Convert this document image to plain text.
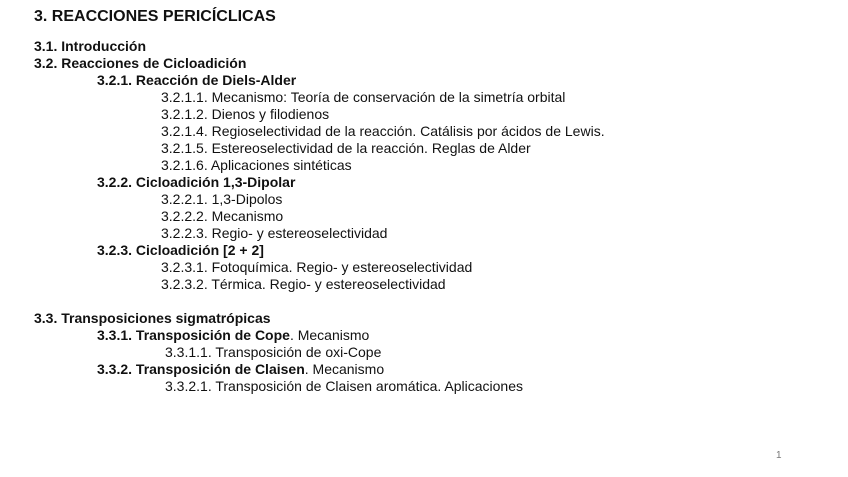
3. REACCIONES PERICÍCLICAS
3.1. Introducción
3.2. Reacciones de Cicloadición
3.2.1. Reacción de Diels-Alder
3.2.1.1. Mecanismo: Teoría de conservación de la simetría orbital
3.2.1.2. Dienos y filodienos
3.2.1.4. Regioselectividad de la reacción. Catálisis por ácidos de Lewis.
3.2.1.5. Estereoselectividad de la reacción. Reglas de Alder
3.2.1.6. Aplicaciones sintéticas
3.2.2. Cicloadición 1,3-Dipolar
3.2.2.1. 1,3-Dipolos
3.2.2.2. Mecanismo
3.2.2.3. Regio- y estereoselectividad
3.2.3. Cicloadición [2 + 2]
3.2.3.1. Fotoquímica. Regio- y estereoselectividad
3.2.3.2. Térmica. Regio- y estereoselectividad
3.3. Transposiciones sigmatrópicas
3.3.1. Transposición de Cope. Mecanismo
3.3.1.1. Transposición de oxi-Cope
3.3.2. Transposición de Claisen. Mecanismo
3.3.2.1. Transposición de Claisen aromática. Aplicaciones
1
